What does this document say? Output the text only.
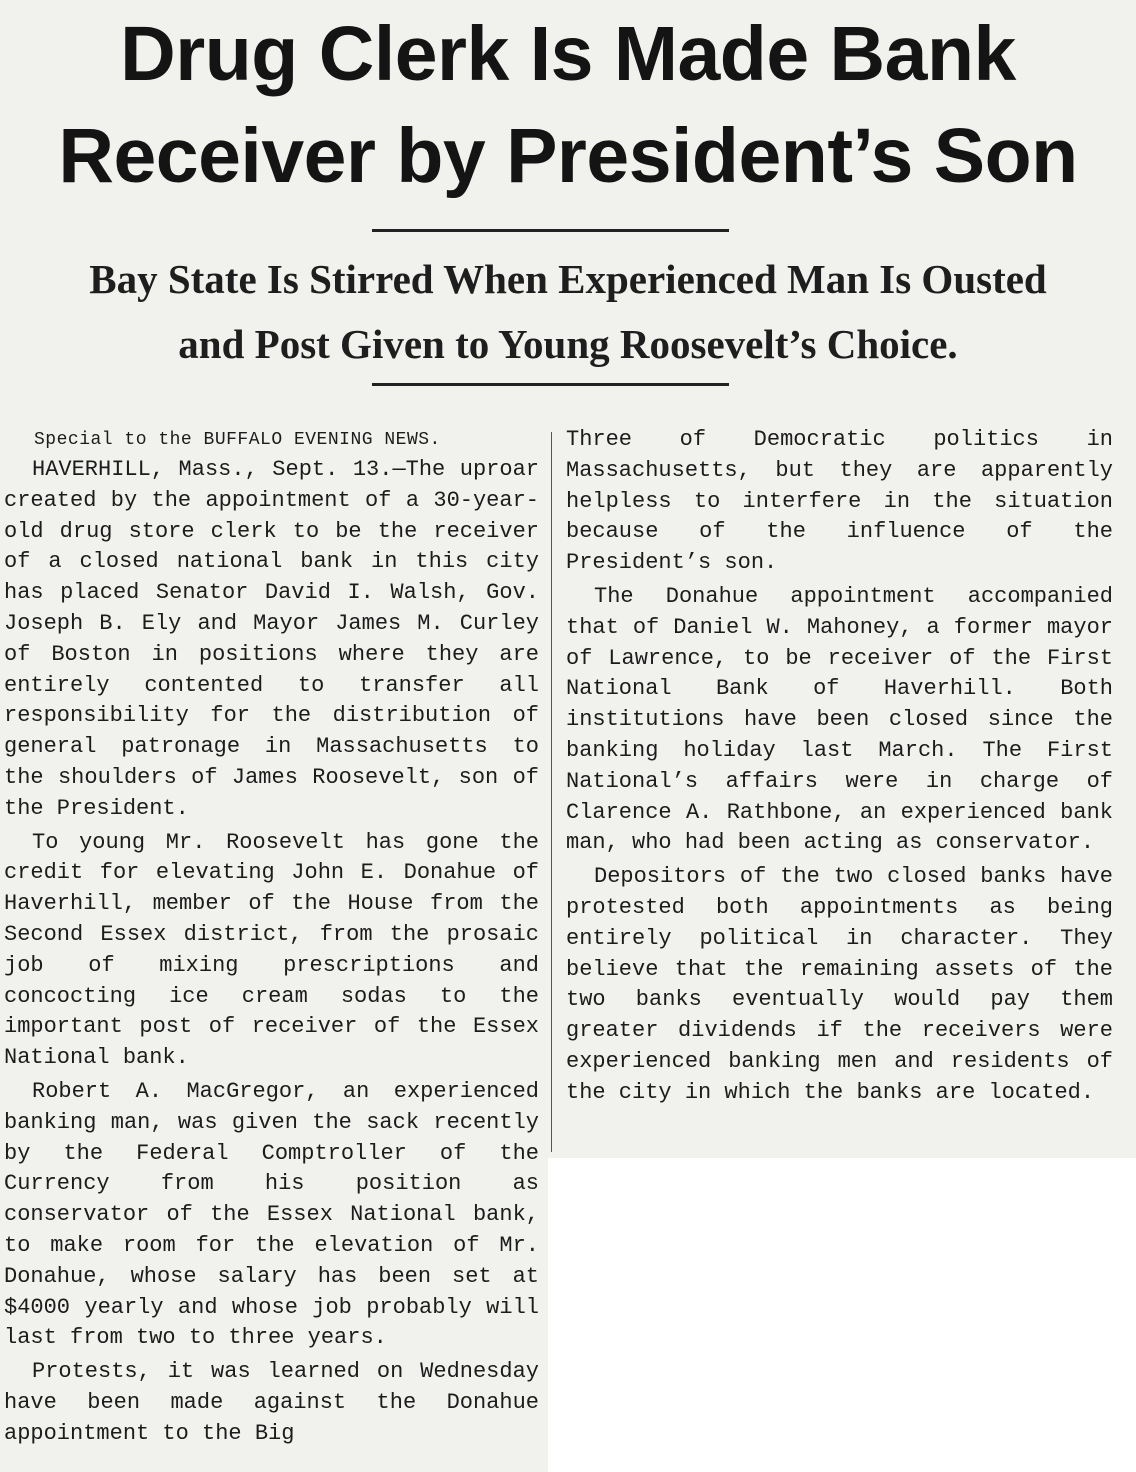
Drug Clerk Is Made Bank
Receiver by President’s Son
Bay State Is Stirred When Experienced Man Is Ousted
and Post Given to Young Roosevelt’s Choice.
Special to the BUFFALO EVENING NEWS.

HAVERHILL, Mass., Sept. 13.—The uproar created by the appointment of a 30-year-old drug store clerk to be the receiver of a closed national bank in this city has placed Senator David I. Walsh, Gov. Joseph B. Ely and Mayor James M. Curley of Boston in positions where they are entirely contented to transfer all responsibility for the distribution of general patronage in Massachusetts to the shoulders of James Roosevelt, son of the President.

To young Mr. Roosevelt has gone the credit for elevating John E. Donahue of Haverhill, member of the House from the Second Essex district, from the prosaic job of mixing prescriptions and concocting ice cream sodas to the important post of receiver of the Essex National bank.

Robert A. MacGregor, an experienced banking man, was given the sack recently by the Federal Comptroller of the Currency from his position as conservator of the Essex National bank, to make room for the elevation of Mr. Donahue, whose salary has been set at $4000 yearly and whose job probably will last from two to three years.

Protests, it was learned on Wednesday have been made against the Donahue appointment to the Big

Three of Democratic politics in Massachusetts, but they are apparently helpless to interfere in the situation because of the influence of the President’s son.

The Donahue appointment accompanied that of Daniel W. Mahoney, a former mayor of Lawrence, to be receiver of the First National Bank of Haverhill. Both institutions have been closed since the banking holiday last March. The First National’s affairs were in charge of Clarence A. Rathbone, an experienced bank man, who had been acting as conservator.

Depositors of the two closed banks have protested both appointments as being entirely political in character. They believe that the remaining assets of the two banks eventually would pay them greater dividends if the receivers were experienced banking men and residents of the city in which the banks are located.
